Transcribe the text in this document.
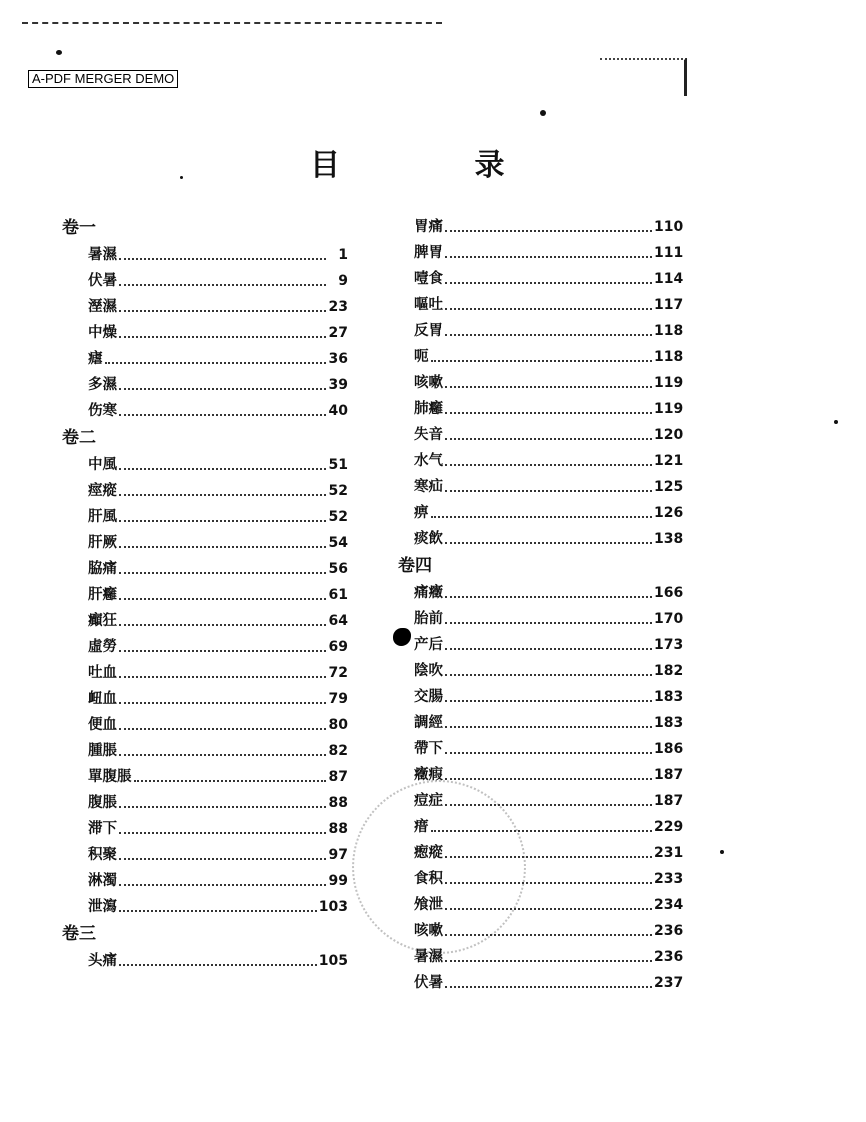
A-PDF MERGER DEMO
目 录
卷一
暑濕	1
伏暑	9
溼濕	23
中燥	27
瘧	36
多濕	39
伤寒	40
卷二
中風	51
痙瘲	52
肝風	52
肝厥	54
脇痛	56
肝癰	61
癲狂	64
虛勞	69
吐血	72
衄血	79
便血	80
腫脹	82
單腹脹	87
腹脹	88
滞下	88
积聚	97
淋濁	99
泄瀉	103
卷三
头痛	105
胃痛	110
脾胃	111
噎食	114
嘔吐	117
反胃	118
呃	118
咳嗽	119
肺癰	119
失音	120
水气	121
寒疝	125
痹	126
痰飲	138
卷四
痛癥	166
胎前	170
产后	173
陰吹	182
交腸	183
調經	183
帶下	186
癥瘕	187
痘症	187
瘄	229
瘛瘲	231
食积	233
飧泄	234
咳嗽	236
暑濕	236
伏暑	237
